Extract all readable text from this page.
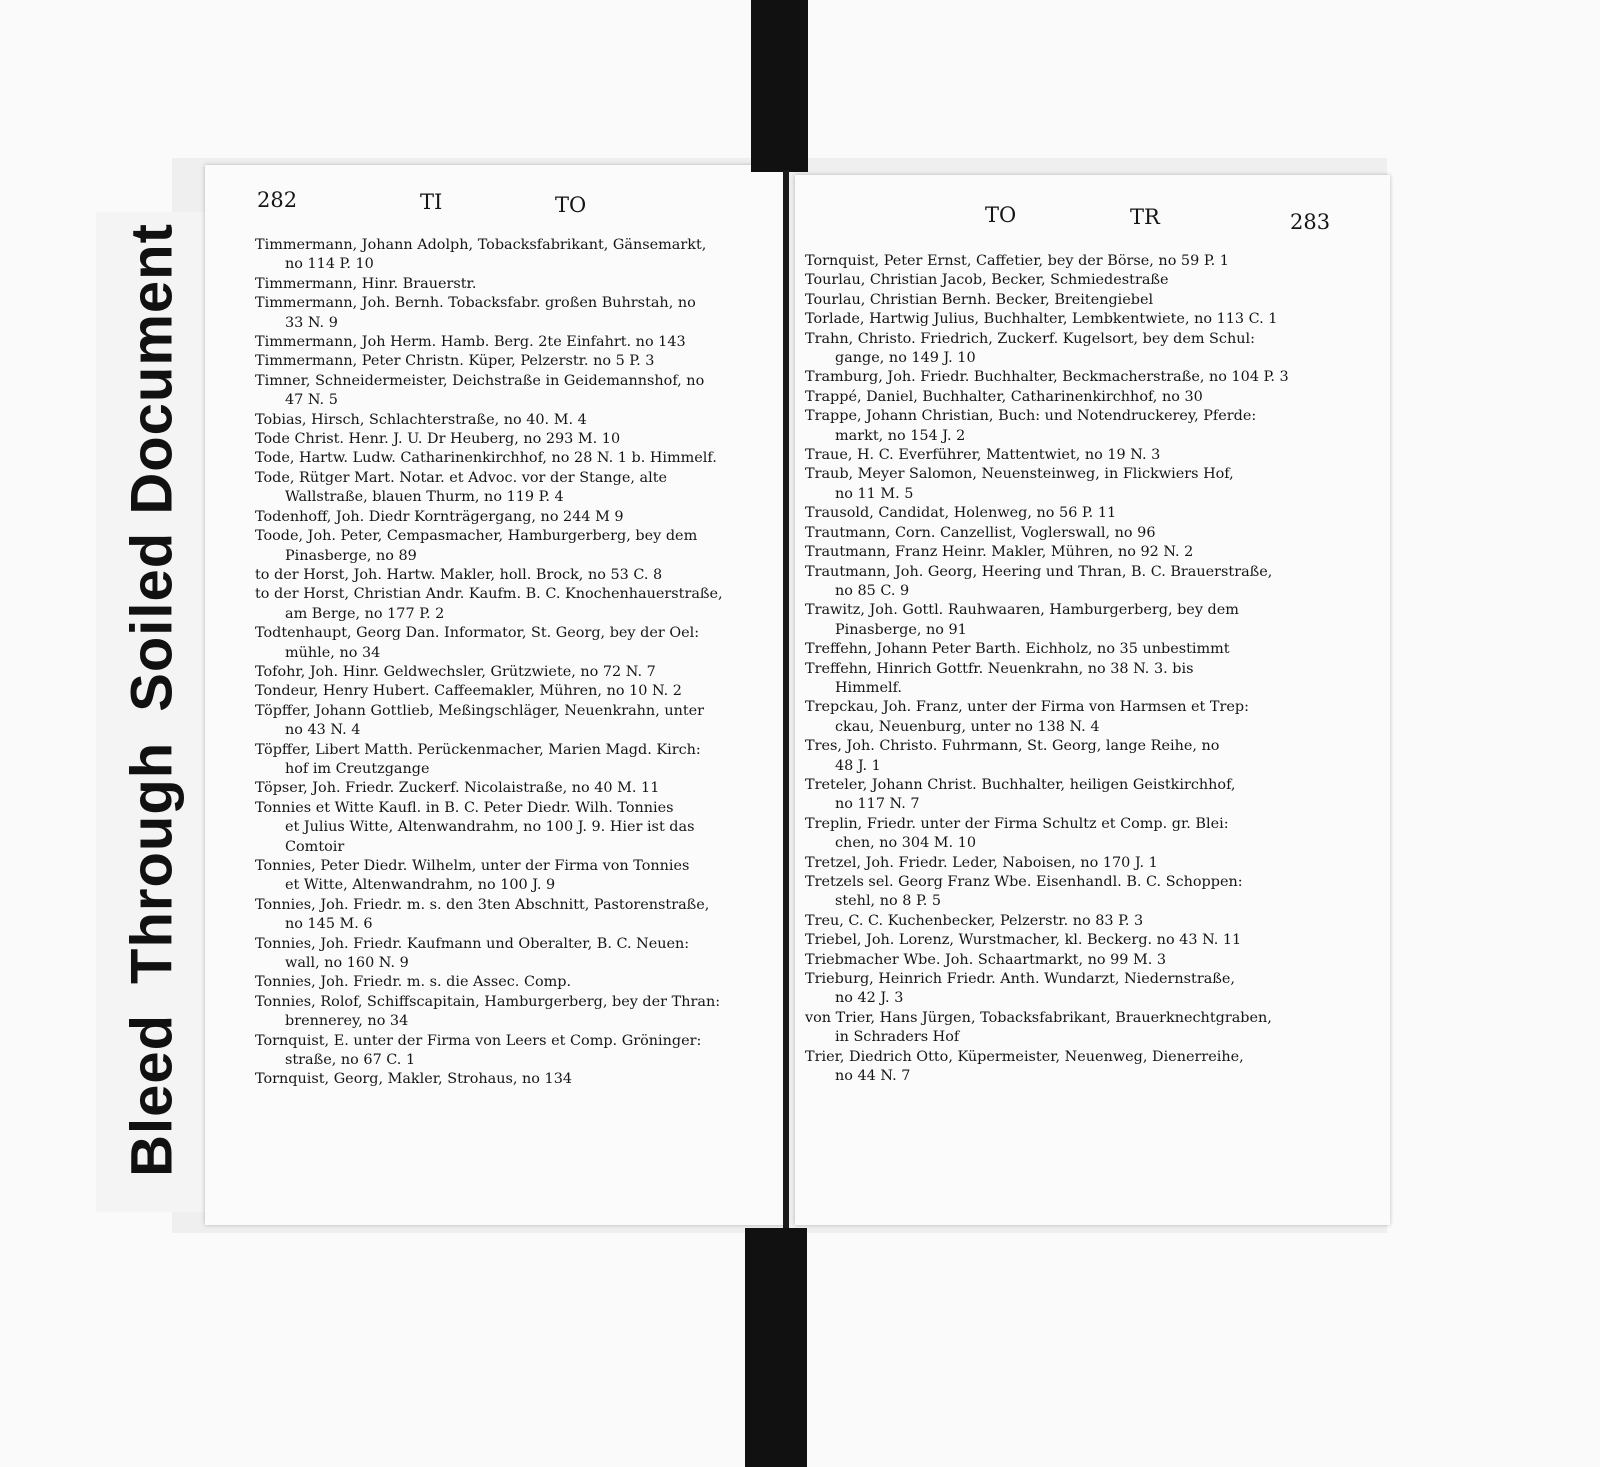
BleedThroughSoiled Document
282	TI	TO	TO	TR	283
Timmermann, Johann Adolph, Tobacksfabrikant, Gänsemarkt,
no 114 P. 10
Timmermann, Hinr. Brauerstr.
Timmermann, Joh. Bernh. Tobacksfabr. großen Buhrstah, no
33 N. 9
Timmermann, Joh Herm. Hamb. Berg. 2te Einfahrt. no 143
Timmermann, Peter Christn. Küper, Pelzerstr. no 5 P. 3
Timner, Schneidermeister, Deichstraße in Geidemannshof, no
47 N. 5
Tobias, Hirsch, Schlachterstraße, no 40. M. 4
Tode Christ. Henr. J. U. Dr Heuberg, no 293 M. 10
Tode, Hartw. Ludw. Catharinenkirchhof, no 28 N. 1 b. Himmelf.
Tode, Rütger Mart. Notar. et Advoc. vor der Stange, alte
Wallstraße, blauen Thurm, no 119 P. 4
Todenhoff, Joh. Diedr Kornträgergang, no 244 M 9
Toode, Joh. Peter, Cempasmacher, Hamburgerberg, bey dem
Pinasberge, no 89
to der Horst, Joh. Hartw. Makler, holl. Brock, no 53 C. 8
to der Horst, Christian Andr. Kaufm. B. C. Knochenhauerstraße,
am Berge, no 177 P. 2
Todtenhaupt, Georg Dan. Informator, St. Georg, bey der Oel:
mühle, no 34
Tofohr, Joh. Hinr. Geldwechsler, Grützwiete, no 72 N. 7
Tondeur, Henry Hubert. Caffeemakler, Mühren, no 10 N. 2
Töpffer, Johann Gottlieb, Meßingschläger, Neuenkrahn, unter
no 43 N. 4
Töpffer, Libert Matth. Perückenmacher, Marien Magd. Kirch:
hof im Creutzgange
Töpser, Joh. Friedr. Zuckerf. Nicolaistraße, no 40 M. 11
Tonnies et Witte Kaufl. in B. C. Peter Diedr. Wilh. Tonnies
et Julius Witte, Altenwandrahm, no 100 J. 9. Hier ist das
Comtoir
Tonnies, Peter Diedr. Wilhelm, unter der Firma von Tonnies
et Witte, Altenwandrahm, no 100 J. 9
Tonnies, Joh. Friedr. m. s. den 3ten Abschnitt, Pastorenstraße,
no 145 M. 6
Tonnies, Joh. Friedr. Kaufmann und Oberalter, B. C. Neuen:
wall, no 160 N. 9
Tonnies, Joh. Friedr. m. s. die Assec. Comp.
Tonnies, Rolof, Schiffscapitain, Hamburgerberg, bey der Thran:
brennerey, no 34
Tornquist, E. unter der Firma von Leers et Comp. Gröninger:
straße, no 67 C. 1
Tornquist, Georg, Makler, Strohaus, no 134
Tornquist, Peter Ernst, Caffetier, bey der Börse, no 59 P. 1
Tourlau, Christian Jacob, Becker, Schmiedestraße
Tourlau, Christian Bernh. Becker, Breitengiebel
Torlade, Hartwig Julius, Buchhalter, Lembkentwiete, no 113 C. 1
Trahn, Christo. Friedrich, Zuckerf. Kugelsort, bey dem Schul:
gange, no 149 J. 10
Tramburg, Joh. Friedr. Buchhalter, Beckmacherstraße, no 104 P. 3
Trappé, Daniel, Buchhalter, Catharinenkirchhof, no 30
Trappe, Johann Christian, Buch: und Notendruckerey, Pferde:
markt, no 154 J. 2
Traue, H. C. Everführer, Mattentwiet, no 19 N. 3
Traub, Meyer Salomon, Neuensteinweg, in Flickwiers Hof,
no 11 M. 5
Trausold, Candidat, Holenweg, no 56 P. 11
Trautmann, Corn. Canzellist, Voglerswall, no 96
Trautmann, Franz Heinr. Makler, Mühren, no 92 N. 2
Trautmann, Joh. Georg, Heering und Thran, B. C. Brauerstraße,
no 85 C. 9
Trawitz, Joh. Gottl. Rauhwaaren, Hamburgerberg, bey dem
Pinasberge, no 91
Treffehn, Johann Peter Barth. Eichholz, no 35 unbestimmt
Treffehn, Hinrich Gottfr. Neuenkrahn, no 38 N. 3. bis
Himmelf.
Trepckau, Joh. Franz, unter der Firma von Harmsen et Trep:
ckau, Neuenburg, unter no 138 N. 4
Tres, Joh. Christo. Fuhrmann, St. Georg, lange Reihe, no
48 J. 1
Treteler, Johann Christ. Buchhalter, heiligen Geistkirchhof,
no 117 N. 7
Treplin, Friedr. unter der Firma Schultz et Comp. gr. Blei:
chen, no 304 M. 10
Tretzel, Joh. Friedr. Leder, Naboisen, no 170 J. 1
Tretzels sel. Georg Franz Wbe. Eisenhandl. B. C. Schoppen:
stehl, no 8 P. 5
Treu, C. C. Kuchenbecker, Pelzerstr. no 83 P. 3
Triebel, Joh. Lorenz, Wurstmacher, kl. Beckerg. no 43 N. 11
Triebmacher Wbe. Joh. Schaartmarkt, no 99 M. 3
Trieburg, Heinrich Friedr. Anth. Wundarzt, Niedernstraße,
no 42 J. 3
von Trier, Hans Jürgen, Tobacksfabrikant, Brauerknechtgraben,
in Schraders Hof
Trier, Diedrich Otto, Küpermeister, Neuenweg, Dienerreihe,
no 44 N. 7
